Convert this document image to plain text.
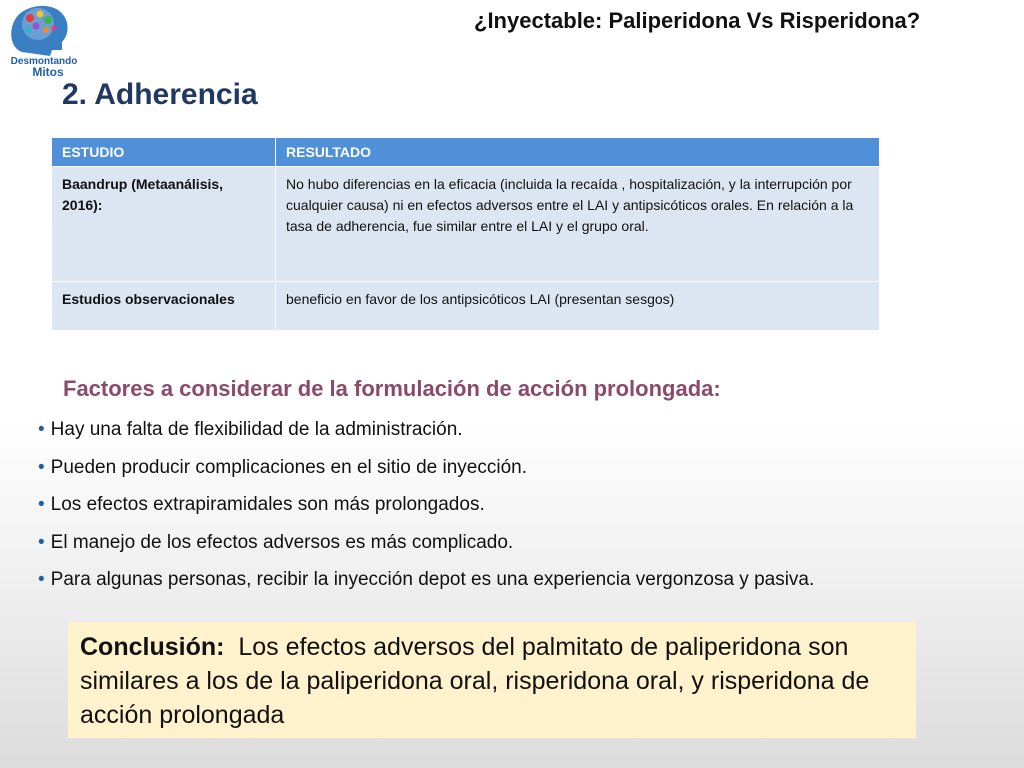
Desmontando
Mitos
¿Inyectable: Paliperidona Vs Risperidona?
2. Adherencia
ESTUDIO	RESULTADO
Baandrup (Metaanálisis, 2016):	No hubo diferencias en la eficacia (incluida la recaída , hospitalización, y la interrupción por cualquier causa) ni en efectos adversos entre el LAI y antipsicóticos orales. En relación a la tasa de adherencia, fue similar entre el LAI y el grupo oral.
Estudios observacionales	beneficio en favor de los antipsicóticos LAI (presentan sesgos)
Factores a considerar de la formulación de acción prolongada:
• Hay una falta de flexibilidad de la administración.
• Pueden producir complicaciones en el sitio de inyección.
• Los efectos extrapiramidales son más prolongados.
• El manejo de los efectos adversos es más complicado.
• Para algunas personas, recibir la inyección depot es una experiencia vergonzosa y pasiva.
Conclusión: Los efectos adversos del palmitato de paliperidona son similares a los de la paliperidona oral, risperidona oral, y risperidona de acción prolongada
